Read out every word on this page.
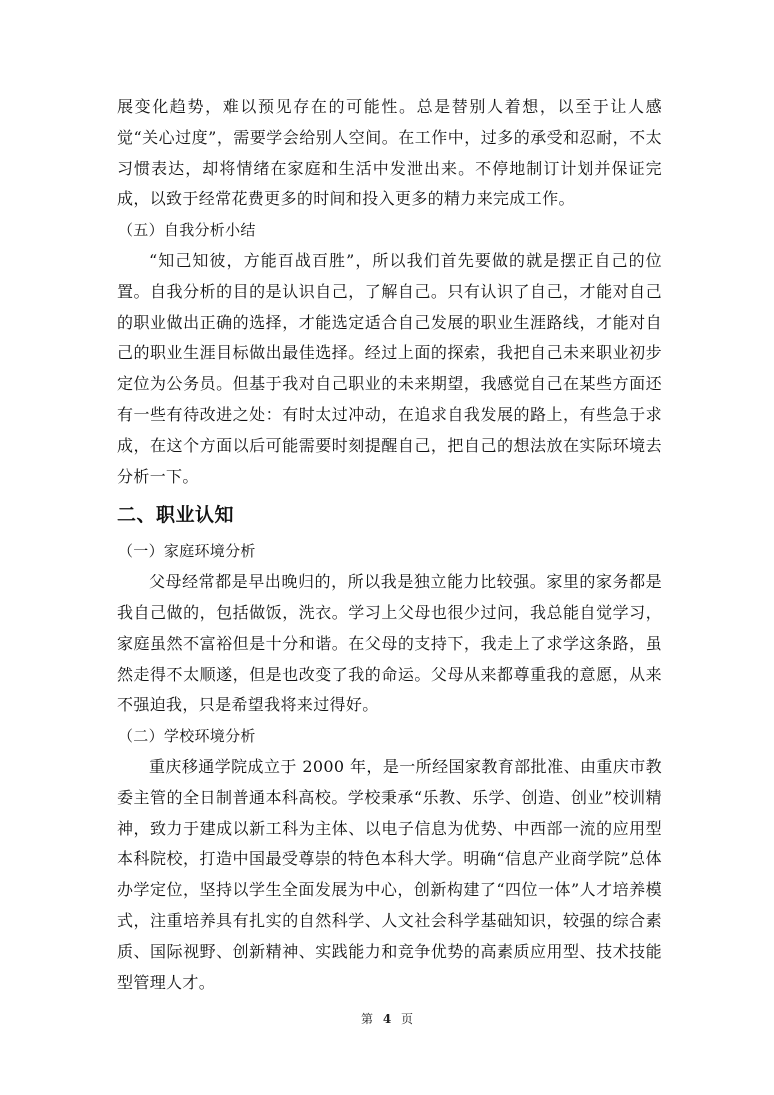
展变化趋势，难以预见存在的可能性。总是替别人着想，以至于让人感觉“关心过度”，需要学会给别人空间。在工作中，过多的承受和忍耐，不太习惯表达，却将情绪在家庭和生活中发泄出来。不停地制订计划并保证完成，以致于经常花费更多的时间和投入更多的精力来完成工作。

（五）自我分析小结

“知己知彼，方能百战百胜”，所以我们首先要做的就是摆正自己的位置。自我分析的目的是认识自己，了解自己。只有认识了自己，才能对自己的职业做出正确的选择，才能选定适合自己发展的职业生涯路线，才能对自己的职业生涯目标做出最佳选择。经过上面的探索，我把自己未来职业初步定位为公务员。但基于我对自己职业的未来期望，我感觉自己在某些方面还有一些有待改进之处：有时太过冲动，在追求自我发展的路上，有些急于求成，在这个方面以后可能需要时刻提醒自己，把自己的想法放在实际环境去分析一下。

二、职业认知

（一）家庭环境分析

父母经常都是早出晚归的，所以我是独立能力比较强。家里的家务都是我自己做的，包括做饭，洗衣。学习上父母也很少过问，我总能自觉学习，家庭虽然不富裕但是十分和谐。在父母的支持下，我走上了求学这条路，虽然走得不太顺遂，但是也改变了我的命运。父母从来都尊重我的意愿，从来不强迫我，只是希望我将来过得好。

（二）学校环境分析

重庆移通学院成立于 2000 年，是一所经国家教育部批准、由重庆市教委主管的全日制普通本科高校。学校秉承“乐教、乐学、创造、创业”校训精神，致力于建成以新工科为主体、以电子信息为优势、中西部一流的应用型本科院校，打造中国最受尊崇的特色本科大学。明确“信息产业商学院”总体办学定位，坚持以学生全面发展为中心，创新构建了“四位一体”人才培养模式，注重培养具有扎实的自然科学、人文社会科学基础知识，较强的综合素质、国际视野、创新精神、实践能力和竞争优势的高素质应用型、技术技能型管理人才。

第 4 页
